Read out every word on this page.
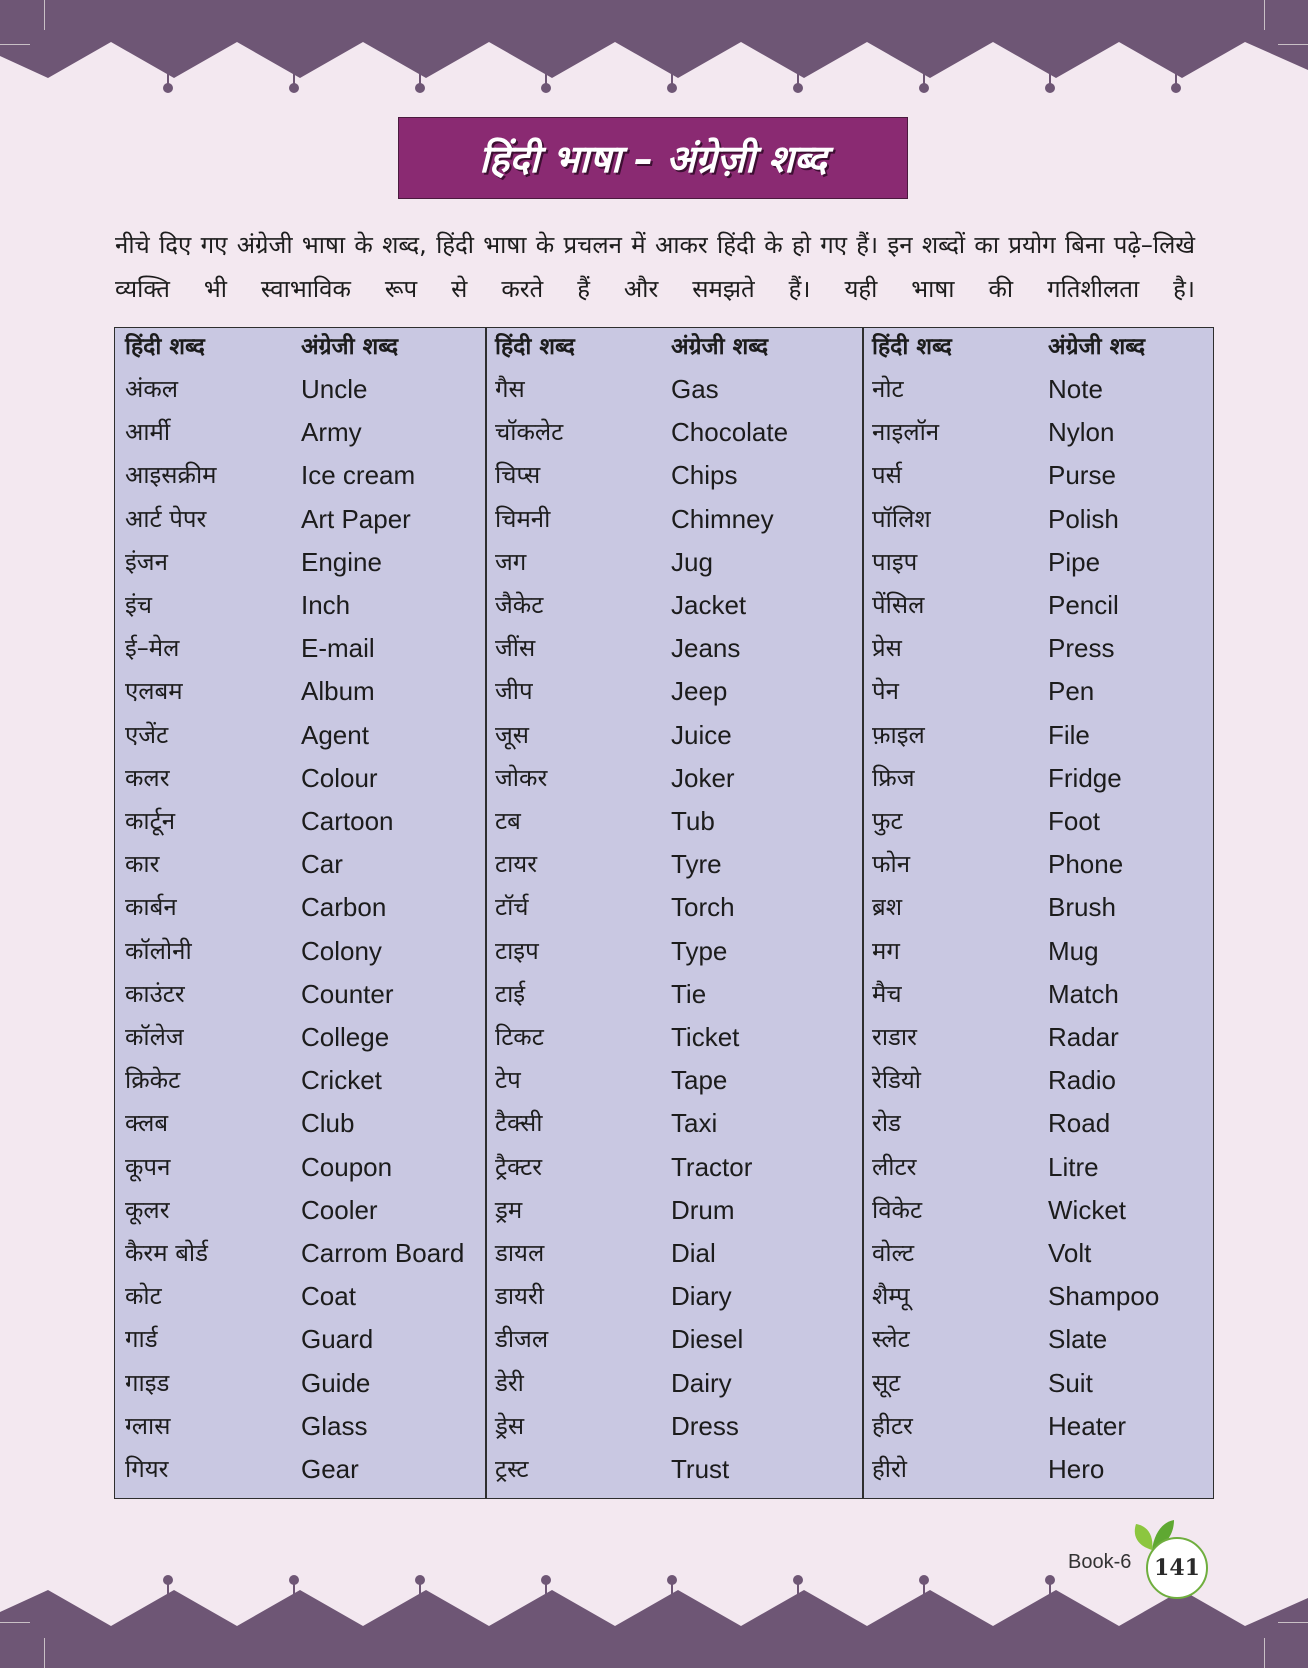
हिंदी भाषा – अंग्रेज़ी शब्द
नीचे दिए गए अंग्रेजी भाषा के शब्द, हिंदी भाषा के प्रचलन में आकर हिंदी के हो गए हैं। इन शब्दों का प्रयोग बिना पढ़े–लिखे व्यक्ति भी स्वाभाविक रूप से करते हैं और समझते हैं। यही भाषा की गतिशीलता है।
हिंदी शब्द	अंग्रेजी शब्द
अंकल	Uncle
आर्मी	Army
आइसक्रीम	Ice cream
आर्ट पेपर	Art Paper
इंजन	Engine
इंच	Inch
ई–मेल	E-mail
एलबम	Album
एजेंट	Agent
कलर	Colour
कार्टून	Cartoon
कार	Car
कार्बन	Carbon
कॉलोनी	Colony
काउंटर	Counter
कॉलेज	College
क्रिकेट	Cricket
क्लब	Club
कूपन	Coupon
कूलर	Cooler
कैरम बोर्ड	Carrom Board
कोट	Coat
गार्ड	Guard
गाइड	Guide
ग्लास	Glass
गियर	Gear
हिंदी शब्द	अंग्रेजी शब्द
गैस	Gas
चॉकलेट	Chocolate
चिप्स	Chips
चिमनी	Chimney
जग	Jug
जैकेट	Jacket
जींस	Jeans
जीप	Jeep
जूस	Juice
जोकर	Joker
टब	Tub
टायर	Tyre
टॉर्च	Torch
टाइप	Type
टाई	Tie
टिकट	Ticket
टेप	Tape
टैक्सी	Taxi
ट्रैक्टर	Tractor
ड्रम	Drum
डायल	Dial
डायरी	Diary
डीजल	Diesel
डेरी	Dairy
ड्रेस	Dress
ट्रस्ट	Trust
हिंदी शब्द	अंग्रेजी शब्द
नोट	Note
नाइलॉन	Nylon
पर्स	Purse
पॉलिश	Polish
पाइप	Pipe
पेंसिल	Pencil
प्रेस	Press
पेन	Pen
फ़ाइल	File
फ्रिज	Fridge
फुट	Foot
फोन	Phone
ब्रश	Brush
मग	Mug
मैच	Match
राडार	Radar
रेडियो	Radio
रोड	Road
लीटर	Litre
विकेट	Wicket
वोल्ट	Volt
शैम्पू	Shampoo
स्लेट	Slate
सूट	Suit
हीटर	Heater
हीरो	Hero
Book-6 141
